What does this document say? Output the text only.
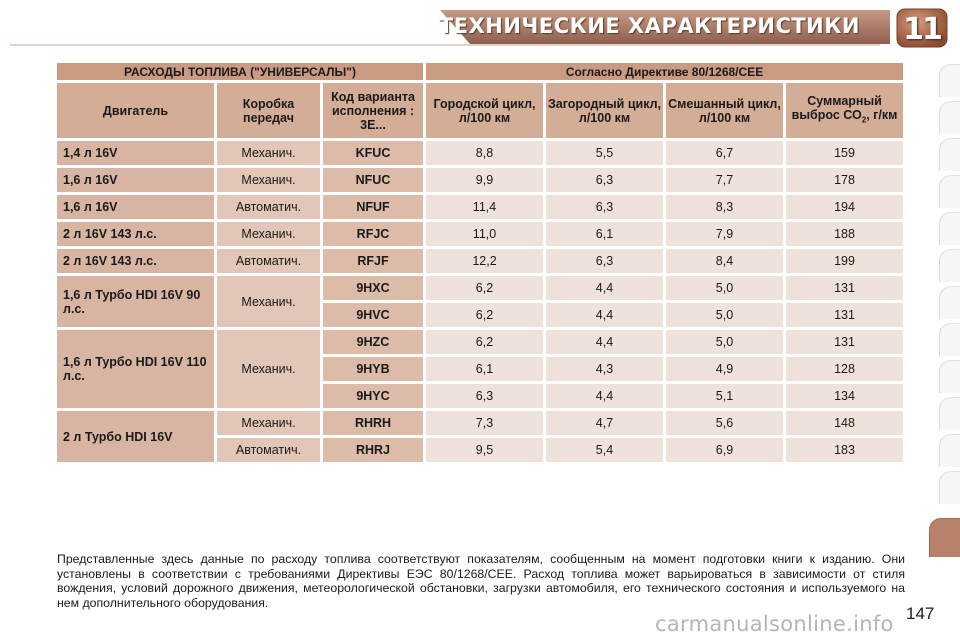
ТЕХНИЧЕСКИЕ ХАРАКТЕРИСТИКИ 11
РАСХОДЫ ТОПЛИВА ("УНИВЕРСАЛЫ")			Согласно Директиве 80/1268/CEE			
Двигатель	Коробка передач	Код варианта исполнения : 3E...	Городской цикл, л/100 км	Загородный цикл, л/100 км	Смешанный цикл, л/100 км	Суммарный выброс $СО_2$, г/км
1,4 л 16V	Механич.	KFUC	8,8	5,5	6,7	159
1,6 л 16V	Механич.	NFUC	9,9	6,3	7,7	178
1,6 л 16V	Автоматич.	NFUF	11,4	6,3	8,3	194
2 л 16V 143 л.с.	Механич.	RFJC	11,0	6,1	7,9	188
2 л 16V 143 л.с.	Автоматич.	RFJF	12,2	6,3	8,4	199
1,6 л Турбо HDI 16V 90 л.с.	Механич.	9HXC	6,2	4,4	5,0	131
		9HVC	6,2	4,4	5,0	131
1,6 л Турбо HDI 16V 110 л.с.	Механич.	9HZC	6,2	4,4	5,0	131
		9HYB	6,1	4,3	4,9	128
		9HYC	6,3	4,4	5,1	134
2 л Турбо HDI 16V	Механич.	RHRH	7,3	4,7	5,6	148
	Автоматич.	RHRJ	9,5	5,4	6,9	183
Представленные здесь данные по расходу топлива соответствуют показателям, сообщенным на момент подготовки книги к изданию. Они установлены в соответствии с требованиями Директивы ЕЭС 80/1268/CEE. Расход топлива может варьироваться в зависимости от стиля вождения, условий дорожного движения, метеорологической обстановки, загрузки автомобиля, его технического состояния и используемого на нем дополнительного оборудования.
147
carmanualsonline.info
